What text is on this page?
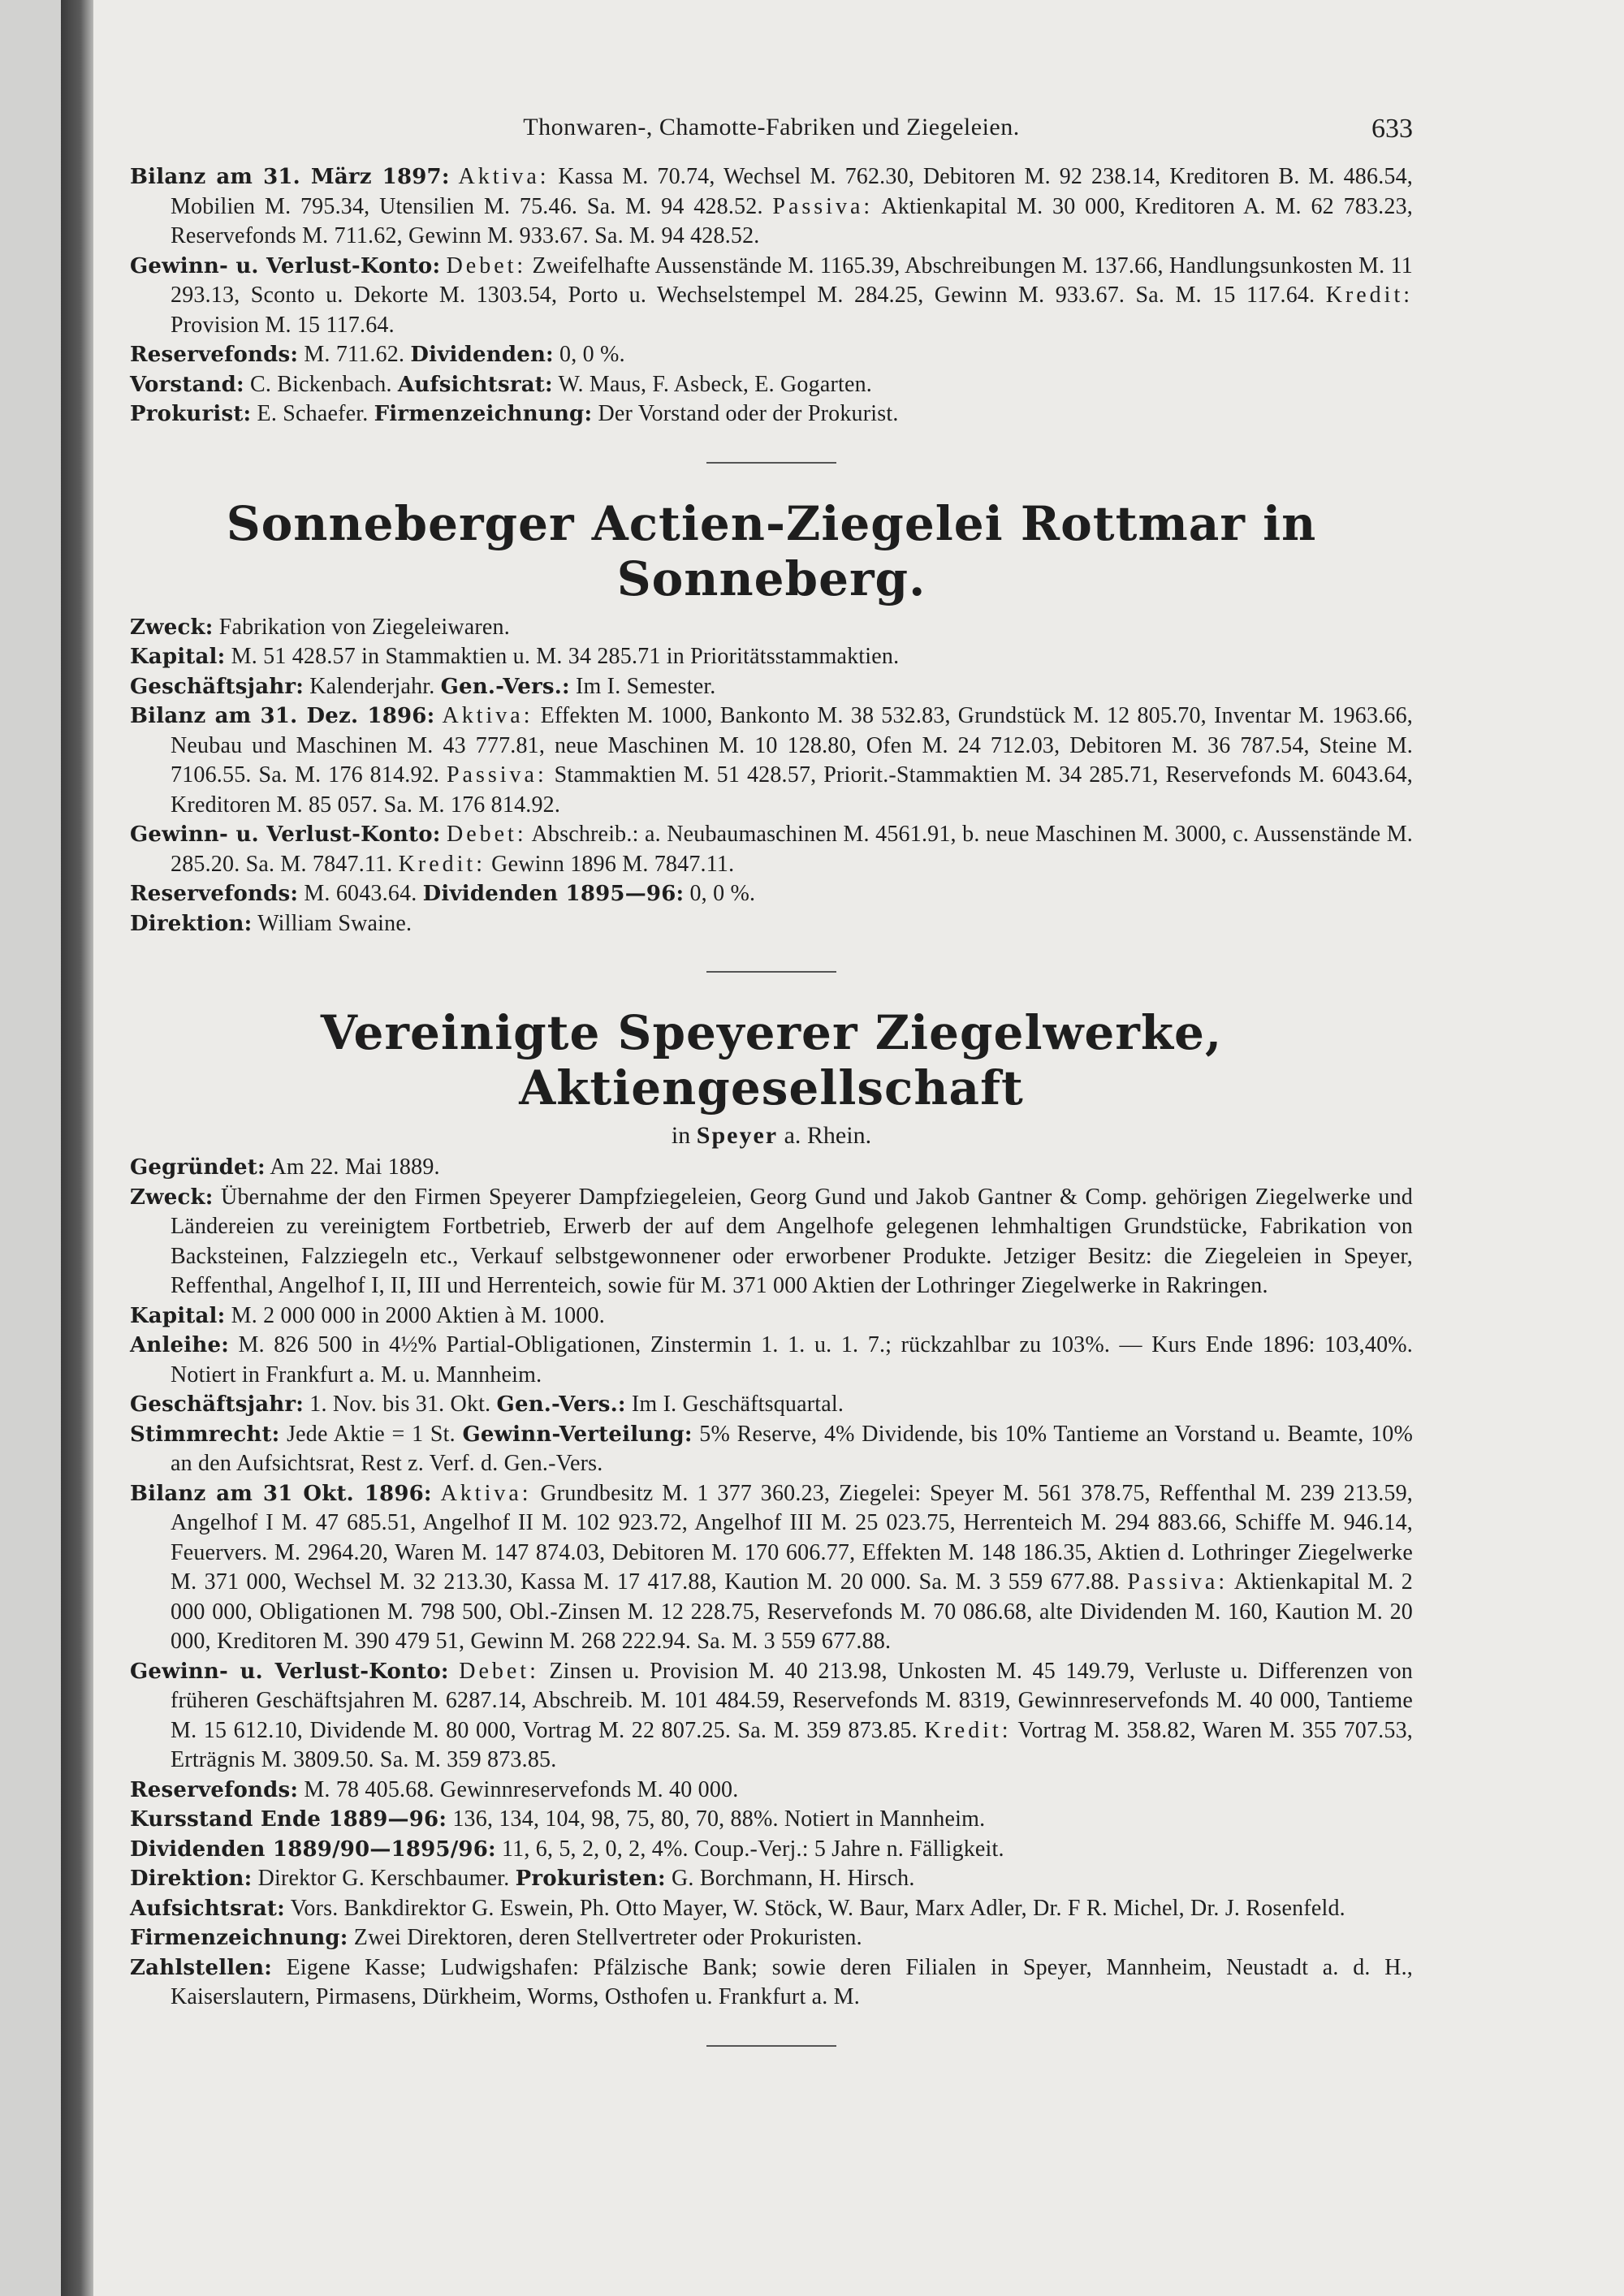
Thonwaren-, Chamotte-Fabriken und Ziegeleien.	633

Bilanz am 31. März 1897: Aktiva: Kassa M. 70.74, Wechsel M. 762.30, Debitoren M. 92 238.14, Kreditoren B. M. 486.54, Mobilien M. 795.34, Utensilien M. 75.46. Sa. M. 94 428.52. Passiva: Aktienkapital M. 30 000, Kreditoren A. M. 62 783.23, Reservefonds M. 711.62, Gewinn M. 933.67. Sa. M. 94 428.52.

Gewinn- u. Verlust-Konto: Debet: Zweifelhafte Aussenstände M. 1165.39, Abschreibungen M. 137.66, Handlungsunkosten M. 11 293.13, Sconto u. Dekorte M. 1303.54, Porto u. Wechselstempel M. 284.25, Gewinn M. 933.67. Sa. M. 15 117.64. Kredit: Provision M. 15 117.64.

Reservefonds: M. 711.62. Dividenden: 0, 0 %.

Vorstand: C. Bickenbach. Aufsichtsrat: W. Maus, F. Asbeck, E. Gogarten.

Prokurist: E. Schaefer. Firmenzeichnung: Der Vorstand oder der Prokurist.

Sonneberger Actien-Ziegelei Rottmar in Sonneberg.

Zweck: Fabrikation von Ziegeleiwaren.

Kapital: M. 51 428.57 in Stammaktien u. M. 34 285.71 in Prioritätsstammaktien.

Geschäftsjahr: Kalenderjahr. Gen.-Vers.: Im I. Semester.

Bilanz am 31. Dez. 1896: Aktiva: Effekten M. 1000, Bankonto M. 38 532.83, Grundstück M. 12 805.70, Inventar M. 1963.66, Neubau und Maschinen M. 43 777.81, neue Maschinen M. 10 128.80, Ofen M. 24 712.03, Debitoren M. 36 787.54, Steine M. 7106.55. Sa. M. 176 814.92. Passiva: Stammaktien M. 51 428.57, Priorit.-Stammaktien M. 34 285.71, Reservefonds M. 6043.64, Kreditoren M. 85 057. Sa. M. 176 814.92.

Gewinn- u. Verlust-Konto: Debet: Abschreib.: a. Neubaumaschinen M. 4561.91, b. neue Maschinen M. 3000, c. Aussenstände M. 285.20. Sa. M. 7847.11. Kredit: Gewinn 1896 M. 7847.11.

Reservefonds: M. 6043.64. Dividenden 1895—96: 0, 0 %.

Direktion: William Swaine.

Vereinigte Speyerer Ziegelwerke, Aktiengesellschaft

in Speyer a. Rhein.

Gegründet: Am 22. Mai 1889.

Zweck: Übernahme der den Firmen Speyerer Dampfziegeleien, Georg Gund und Jakob Gantner & Comp. gehörigen Ziegelwerke und Ländereien zu vereinigtem Fortbetrieb, Erwerb der auf dem Angelhofe gelegenen lehmhaltigen Grundstücke, Fabrikation von Backsteinen, Falzziegeln etc., Verkauf selbstgewonnener oder erworbener Produkte. Jetziger Besitz: die Ziegeleien in Speyer, Reffenthal, Angelhof I, II, III und Herrenteich, sowie für M. 371 000 Aktien der Lothringer Ziegelwerke in Rakringen.

Kapital: M. 2 000 000 in 2000 Aktien à M. 1000.

Anleihe: M. 826 500 in 4½% Partial-Obligationen, Zinstermin 1. 1. u. 1. 7.; rückzahlbar zu 103%. — Kurs Ende 1896: 103,40%. Notiert in Frankfurt a. M. u. Mannheim.

Geschäftsjahr: 1. Nov. bis 31. Okt. Gen.-Vers.: Im I. Geschäftsquartal.

Stimmrecht: Jede Aktie = 1 St. Gewinn-Verteilung: 5% Reserve, 4% Dividende, bis 10% Tantieme an Vorstand u. Beamte, 10% an den Aufsichtsrat, Rest z. Verf. d. Gen.-Vers.

Bilanz am 31 Okt. 1896: Aktiva: Grundbesitz M. 1 377 360.23, Ziegelei: Speyer M. 561 378.75, Reffenthal M. 239 213.59, Angelhof I M. 47 685.51, Angelhof II M. 102 923.72, Angelhof III M. 25 023.75, Herrenteich M. 294 883.66, Schiffe M. 946.14, Feuervers. M. 2964.20, Waren M. 147 874.03, Debitoren M. 170 606.77, Effekten M. 148 186.35, Aktien d. Lothringer Ziegelwerke M. 371 000, Wechsel M. 32 213.30, Kassa M. 17 417.88, Kaution M. 20 000. Sa. M. 3 559 677.88. Passiva: Aktienkapital M. 2 000 000, Obligationen M. 798 500, Obl.-Zinsen M. 12 228.75, Reservefonds M. 70 086.68, alte Dividenden M. 160, Kaution M. 20 000, Kreditoren M. 390 479 51, Gewinn M. 268 222.94. Sa. M. 3 559 677.88.

Gewinn- u. Verlust-Konto: Debet: Zinsen u. Provision M. 40 213.98, Unkosten M. 45 149.79, Verluste u. Differenzen von früheren Geschäftsjahren M. 6287.14, Abschreib. M. 101 484.59, Reservefonds M. 8319, Gewinnreservefonds M. 40 000, Tantieme M. 15 612.10, Dividende M. 80 000, Vortrag M. 22 807.25. Sa. M. 359 873.85. Kredit: Vortrag M. 358.82, Waren M. 355 707.53, Erträgnis M. 3809.50. Sa. M. 359 873.85.

Reservefonds: M. 78 405.68. Gewinnreservefonds M. 40 000.

Kursstand Ende 1889—96: 136, 134, 104, 98, 75, 80, 70, 88%. Notiert in Mannheim.

Dividenden 1889/90—1895/96: 11, 6, 5, 2, 0, 2, 4%. Coup.-Verj.: 5 Jahre n. Fälligkeit.

Direktion: Direktor G. Kerschbaumer. Prokuristen: G. Borchmann, H. Hirsch.

Aufsichtsrat: Vors. Bankdirektor G. Eswein, Ph. Otto Mayer, W. Stöck, W. Baur, Marx Adler, Dr. F R. Michel, Dr. J. Rosenfeld.

Firmenzeichnung: Zwei Direktoren, deren Stellvertreter oder Prokuristen.

Zahlstellen: Eigene Kasse; Ludwigshafen: Pfälzische Bank; sowie deren Filialen in Speyer, Mannheim, Neustadt a. d. H., Kaiserslautern, Pirmasens, Dürkheim, Worms, Osthofen u. Frankfurt a. M.
